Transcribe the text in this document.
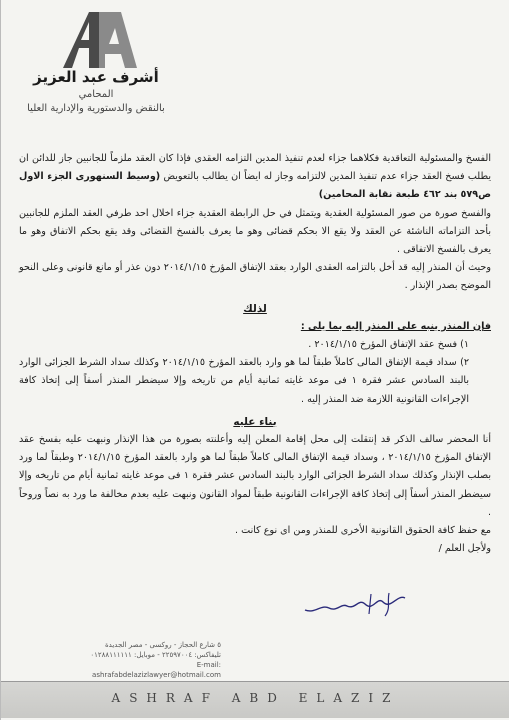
أشرف عبد العزيز
المحامي
بالنقض والدستورية والإدارية العليا

الفسخ والمسئولية التعاقدية فكلاهما جزاء لعدم تنفيذ المدين التزامه العقدى فإذا كان العقد ملزماً للجانبين جاز للدائن ان يطلب فسخ العقد جزاء عدم تنفيذ المدين لالتزامه وجاز له ايضاً ان يطالب بالتعويض (وسيط السنهورى الجزء الاول ص٥٧٩ بند ٤٦٢ طبعة نقابة المحامين)

والفسخ صورة من صور المسئولية العقدية ويتمثل في حل الرابطة العقدية جزاء اخلال احد طرفي العقد الملزم للجانبين بأحد التزاماته الناشئة عن العقد ولا يقع الا بحكم قضائى وهو ما يعرف بالفسخ القضائى وقد يقع بحكم الاتفاق وهو ما يعرف بالفسخ الاتفاقى .

وحيث أن المنذر إليه قد أخل بالتزامه العقدى الوارد بعقد الإتفاق المؤرخ ٢٠١٤/١/١٥ دون عذر أو مانع قانونى وعلى النحو الموضح بصدر الإنذار .

لذلك

فإن المنذر ينبه على المنذر إليه بما يلى :

١) فسخ عقد الإتفاق المؤرخ ٢٠١٤/١/١٥ .

٢) سداد قيمة الإتفاق المالى كاملاً طبقاً لما هو وارد بالعقد المؤرخ ٢٠١٤/١/١٥ وكذلك سداد الشرط الجزائى الوارد بالبند السادس عشر فقرة ١ فى موعد غايته ثمانية أيام من تاريخه وإلا سيضطر المنذر أسفاً إلى إتخاذ كافة الإجراءات القانونية اللازمة ضد المنذر إليه .

بناء عليه

أنا المحضر سالف الذكر قد إنتقلت إلى محل إقامة المعلن إليه وأعلنته بصورة من هذا الإنذار ونبهت عليه بفسخ عقد الإتفاق المؤرخ ٢٠١٤/١/١٥ ، وسداد قيمة الإتفاق المالى كاملاً طبقاً لما هو وارد بالعقد المؤرخ ٢٠١٤/١/١٥ وطبقاً لما ورد بصلب الإنذار وكذلك سداد الشرط الجزائى الوارد بالبند السادس عشر فقرة ١ فى موعد غايته ثمانية أيام من تاريخه وإلا سيضطر المنذر أسفاً إلى إتخاذ كافة الإجراءات القانونية طبقاً لمواد القانون ونبهت عليه بعدم مخالفة ما ورد به نصاً وروحاً .

مع حفظ كافة الحقوق القانونية الأخرى للمنذر ومن اى نوع كانت .

ولأجل العلم /

٥ شارع الحجاز - روكسى - مصر الجديدة
تليفاكس: ٢٢٥٩٧٠٠٤ - موبايل: ٠١٢٨٨١١١١١١
E-mail: ashrafabdelazizlawyer@hotmail.com
ASHRAF ABD ELAZIZ
